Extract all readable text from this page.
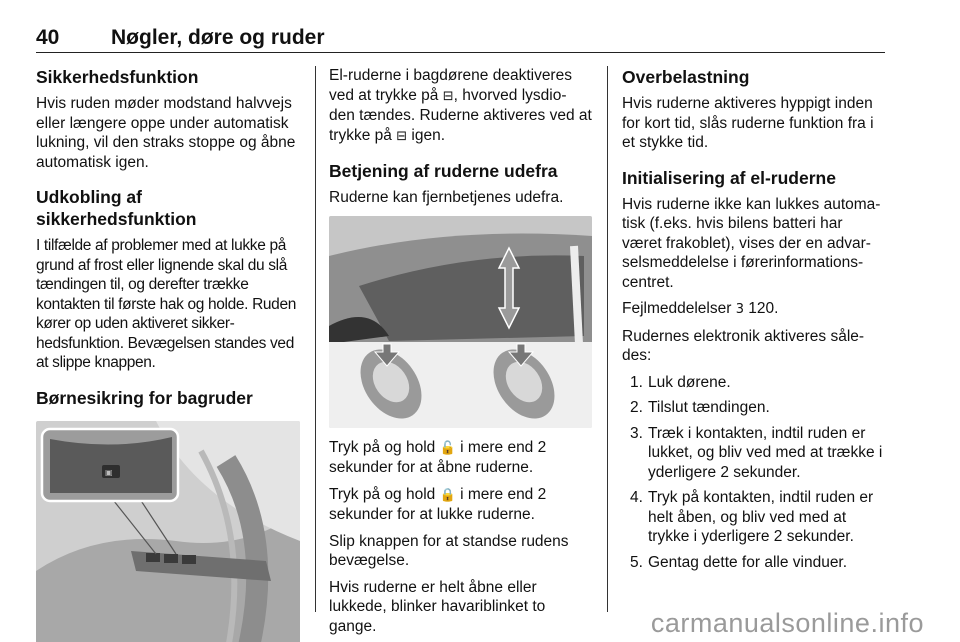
40 Nøgler, døre og ruder
Sikkerhedsfunktion

Hvis ruden møder modstand halvvejs eller længere oppe under automatisk lukning, vil den straks stoppe og åbne automatisk igen.

Udkobling af sikkerhedsfunktion

I tilfælde af problemer med at lukke på grund af frost eller lignende skal du slå tændingen til, og derefter trække kontakten til første hak og holde. Ruden kører op uden aktiveret sikker-hedsfunktion. Bevægelsen standes ved at slippe knappen.

Børnesikring for bagruder
▣

El-ruderne i bagdørene deaktiveres ved at trykke på ⊟, hvorved lysdio-den tændes. Ruderne aktiveres ved at trykke på ⊟ igen.

Betjening af ruderne udefra

Ruderne kan fjernbetjenes udefra.

Tryk på og hold 🔓 i mere end 2 sekunder for at åbne ruderne.

Tryk på og hold 🔒 i mere end 2 sekunder for at lukke ruderne.

Slip knappen for at standse rudens bevægelse.

Hvis ruderne er helt åbne eller lukkede, blinker havariblinket to gange.

Overbelastning

Hvis ruderne aktiveres hyppigt inden for kort tid, slås ruderne funktion fra i et stykke tid.

Initialisering af el-ruderne

Hvis ruderne ikke kan lukkes automa-tisk (f.eks. hvis bilens batteri har været frakoblet), vises der en advar-selsmeddelelse i førerinformations-centret.

Fejlmeddelelser 3 120.

Rudernes elektronik aktiveres såle-des:

1. Luk dørene.
2. Tilslut tændingen.
3. Træk i kontakten, indtil ruden er lukket, og bliv ved med at trække i yderligere 2 sekunder.
4. Tryk på kontakten, indtil ruden er helt åben, og bliv ved med at trykke i yderligere 2 sekunder.
5. Gentag dette for alle vinduer.
carmanualsonline.info
